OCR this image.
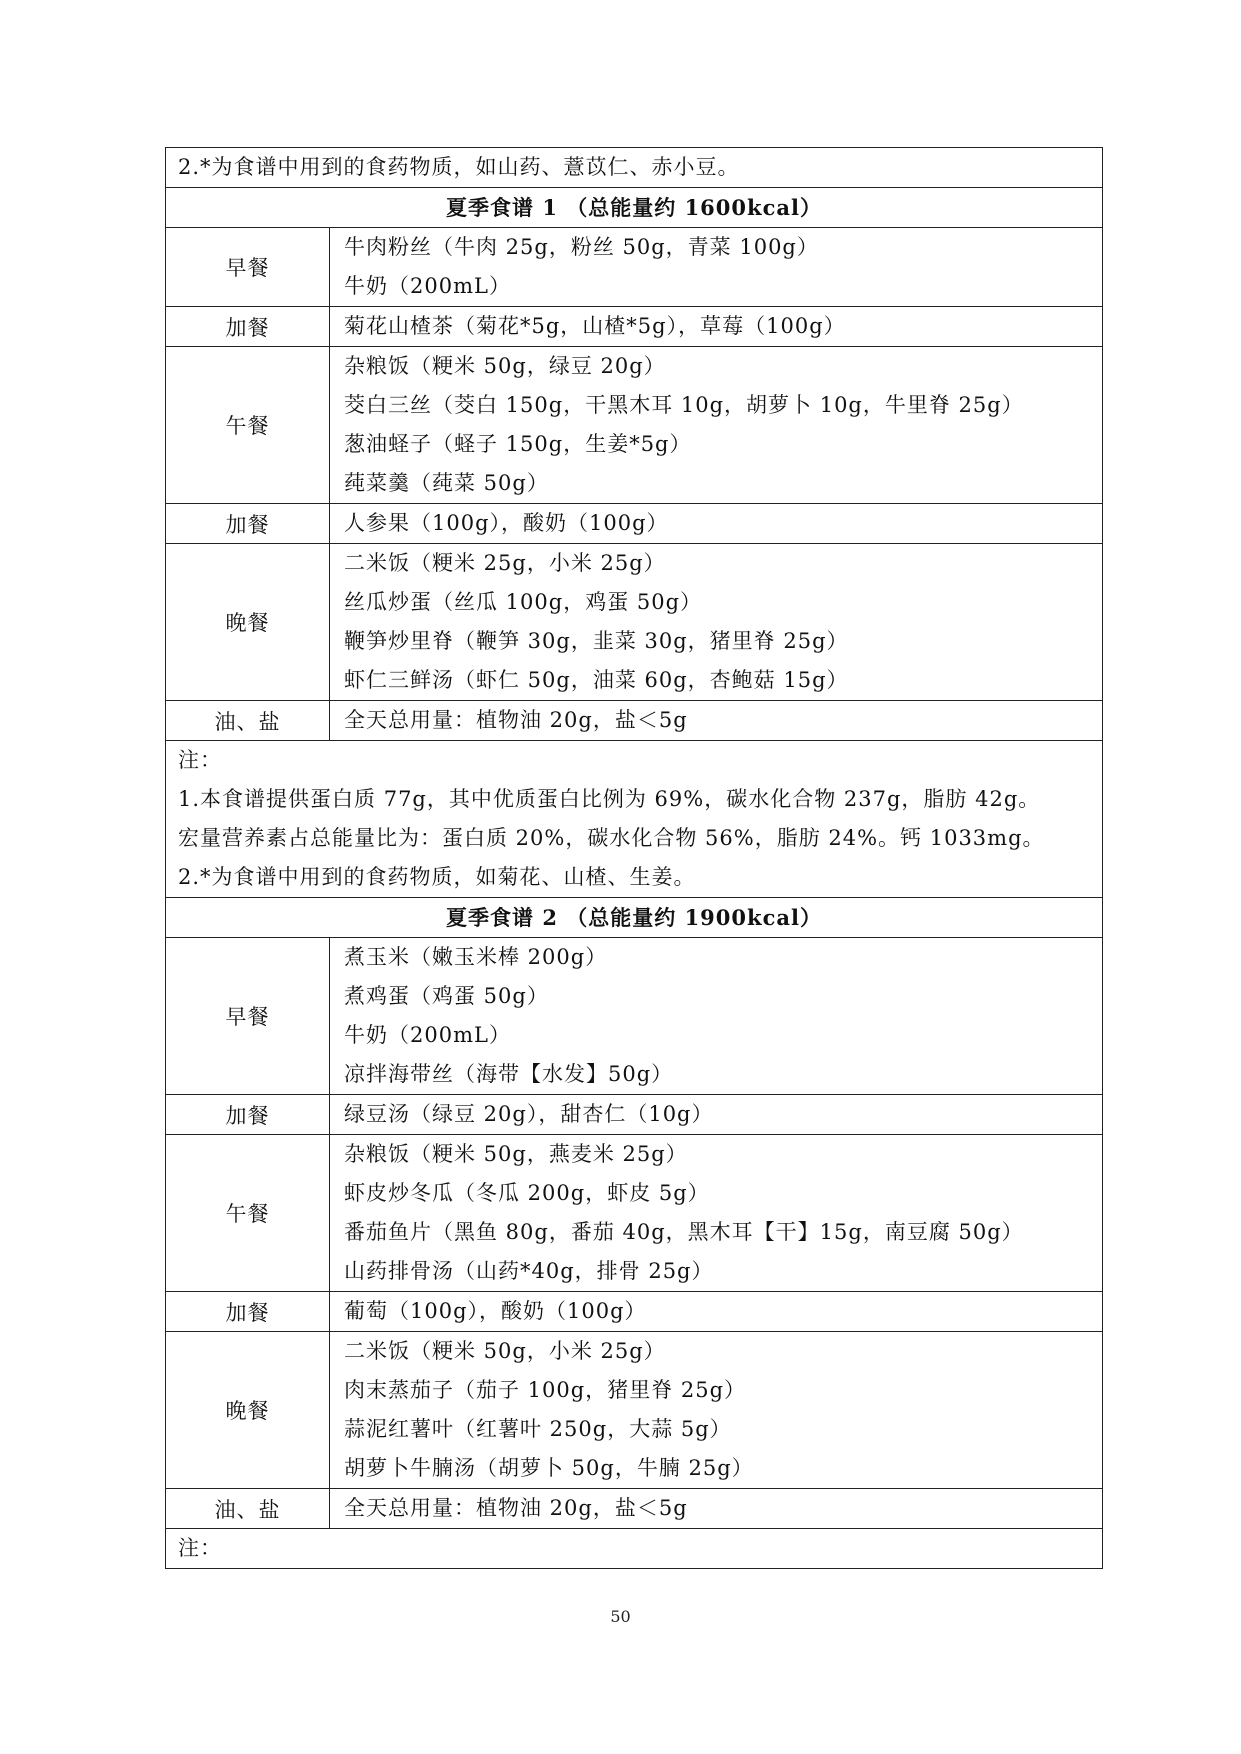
2.*为食谱中用到的食药物质，如山药、薏苡仁、赤小豆。	

夏季食谱 1 （总能量约 1600kcal）	
早餐	牛肉粉丝（牛肉 25g，粉丝 50g，青菜 100g）
牛奶（200mL）

加餐	菊花山楂茶（菊花*5g，山楂*5g），草莓（100g）

午餐	杂粮饭（粳米 50g，绿豆 20g）
茭白三丝（茭白 150g，干黑木耳 10g，胡萝卜 10g，牛里脊 25g）
葱油蛏子（蛏子 150g，生姜*5g）
莼菜羹（莼菜 50g）

加餐	人参果（100g），酸奶（100g）

晚餐	二米饭（粳米 25g，小米 25g）
丝瓜炒蛋（丝瓜 100g，鸡蛋 50g）
鞭笋炒里脊（鞭笋 30g，韭菜 30g，猪里脊 25g）
虾仁三鲜汤（虾仁 50g，油菜 60g，杏鲍菇 15g）

油、盐	全天总用量：植物油 20g，盐＜5g

注：
1.本食谱提供蛋白质 77g，其中优质蛋白比例为 69%，碳水化合物 237g，脂肪 42g。
宏量营养素占总能量比为：蛋白质 20%，碳水化合物 56%，脂肪 24%。钙 1033mg。
2.*为食谱中用到的食药物质，如菊花、山楂、生姜。	

夏季食谱 2 （总能量约 1900kcal）	
早餐	煮玉米（嫩玉米棒 200g）
煮鸡蛋（鸡蛋 50g）
牛奶（200mL）
凉拌海带丝（海带【水发】50g）

加餐	绿豆汤（绿豆 20g），甜杏仁（10g）

午餐	杂粮饭（粳米 50g，燕麦米 25g）
虾皮炒冬瓜（冬瓜 200g，虾皮 5g）
番茄鱼片（黑鱼 80g，番茄 40g，黑木耳【干】15g，南豆腐 50g）
山药排骨汤（山药*40g，排骨 25g）

加餐	葡萄（100g），酸奶（100g）

晚餐	二米饭（粳米 50g，小米 25g）
肉末蒸茄子（茄子 100g，猪里脊 25g）
蒜泥红薯叶（红薯叶 250g，大蒜 5g）
胡萝卜牛腩汤（胡萝卜 50g，牛腩 25g）

油、盐	全天总用量：植物油 20g，盐＜5g

注：	
50
